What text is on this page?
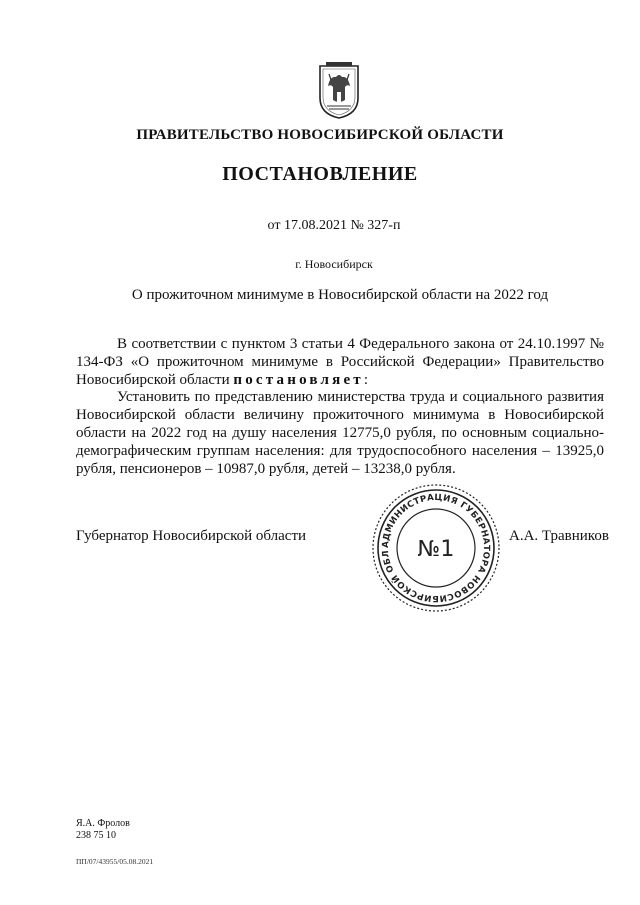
ПРАВИТЕЛЬСТВО НОВОСИБИРСКОЙ ОБЛАСТИ
ПОСТАНОВЛЕНИЕ
от 17.08.2021 № 327-п
г. Новосибирск
О прожиточном минимуме в Новосибирской области на 2022 год

В соответствии с пунктом 3 статьи 4 Федерального закона от 24.10.1997 № 134-ФЗ «О прожиточном минимуме в Российской Федерации» Правительство Новосибирской области постановляет:

Установить по представлению министерства труда и социального развития Новосибирской области величину прожиточного минимума в Новосибирской области на 2022 год на душу населения 12775,0 рубля, по основным социально-демографическим группам населения: для трудоспособного населения – 13925,0 рубля, пенсионеров – 10987,0 рубля, детей – 13238,0 рубля.

Губернатор Новосибирской области
АДМИНИСТРАЦИЯ ГУБЕРНАТОРА НОВОСИБИРСКОЙ ОБЛ	№1
А.А. Травников
Я.А. Фролов
238 75 10
ПП/07/43955/05.08.2021
